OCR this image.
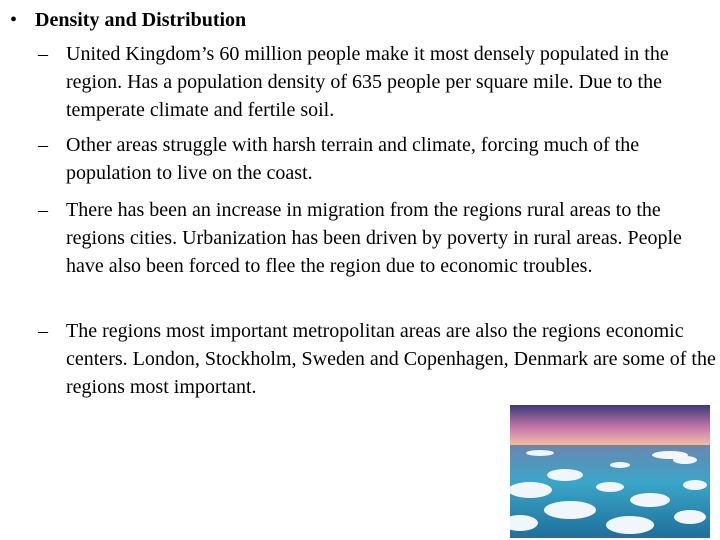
• Density and Distribution
– United Kingdom’s 60 million people make it most densely populated in the region. Has a population density of 635 people per square mile. Due to the temperate climate and fertile soil.
– Other areas struggle with harsh terrain and climate, forcing much of the population to live on the coast.
– There has been an increase in migration from the regions rural areas to the regions cities. Urbanization has been driven by poverty in rural areas. People have also been forced to flee the region due to economic troubles.
– The regions most important metropolitan areas are also the regions economic centers. London, Stockholm, Sweden and Copenhagen, Denmark are some of the regions most important.
